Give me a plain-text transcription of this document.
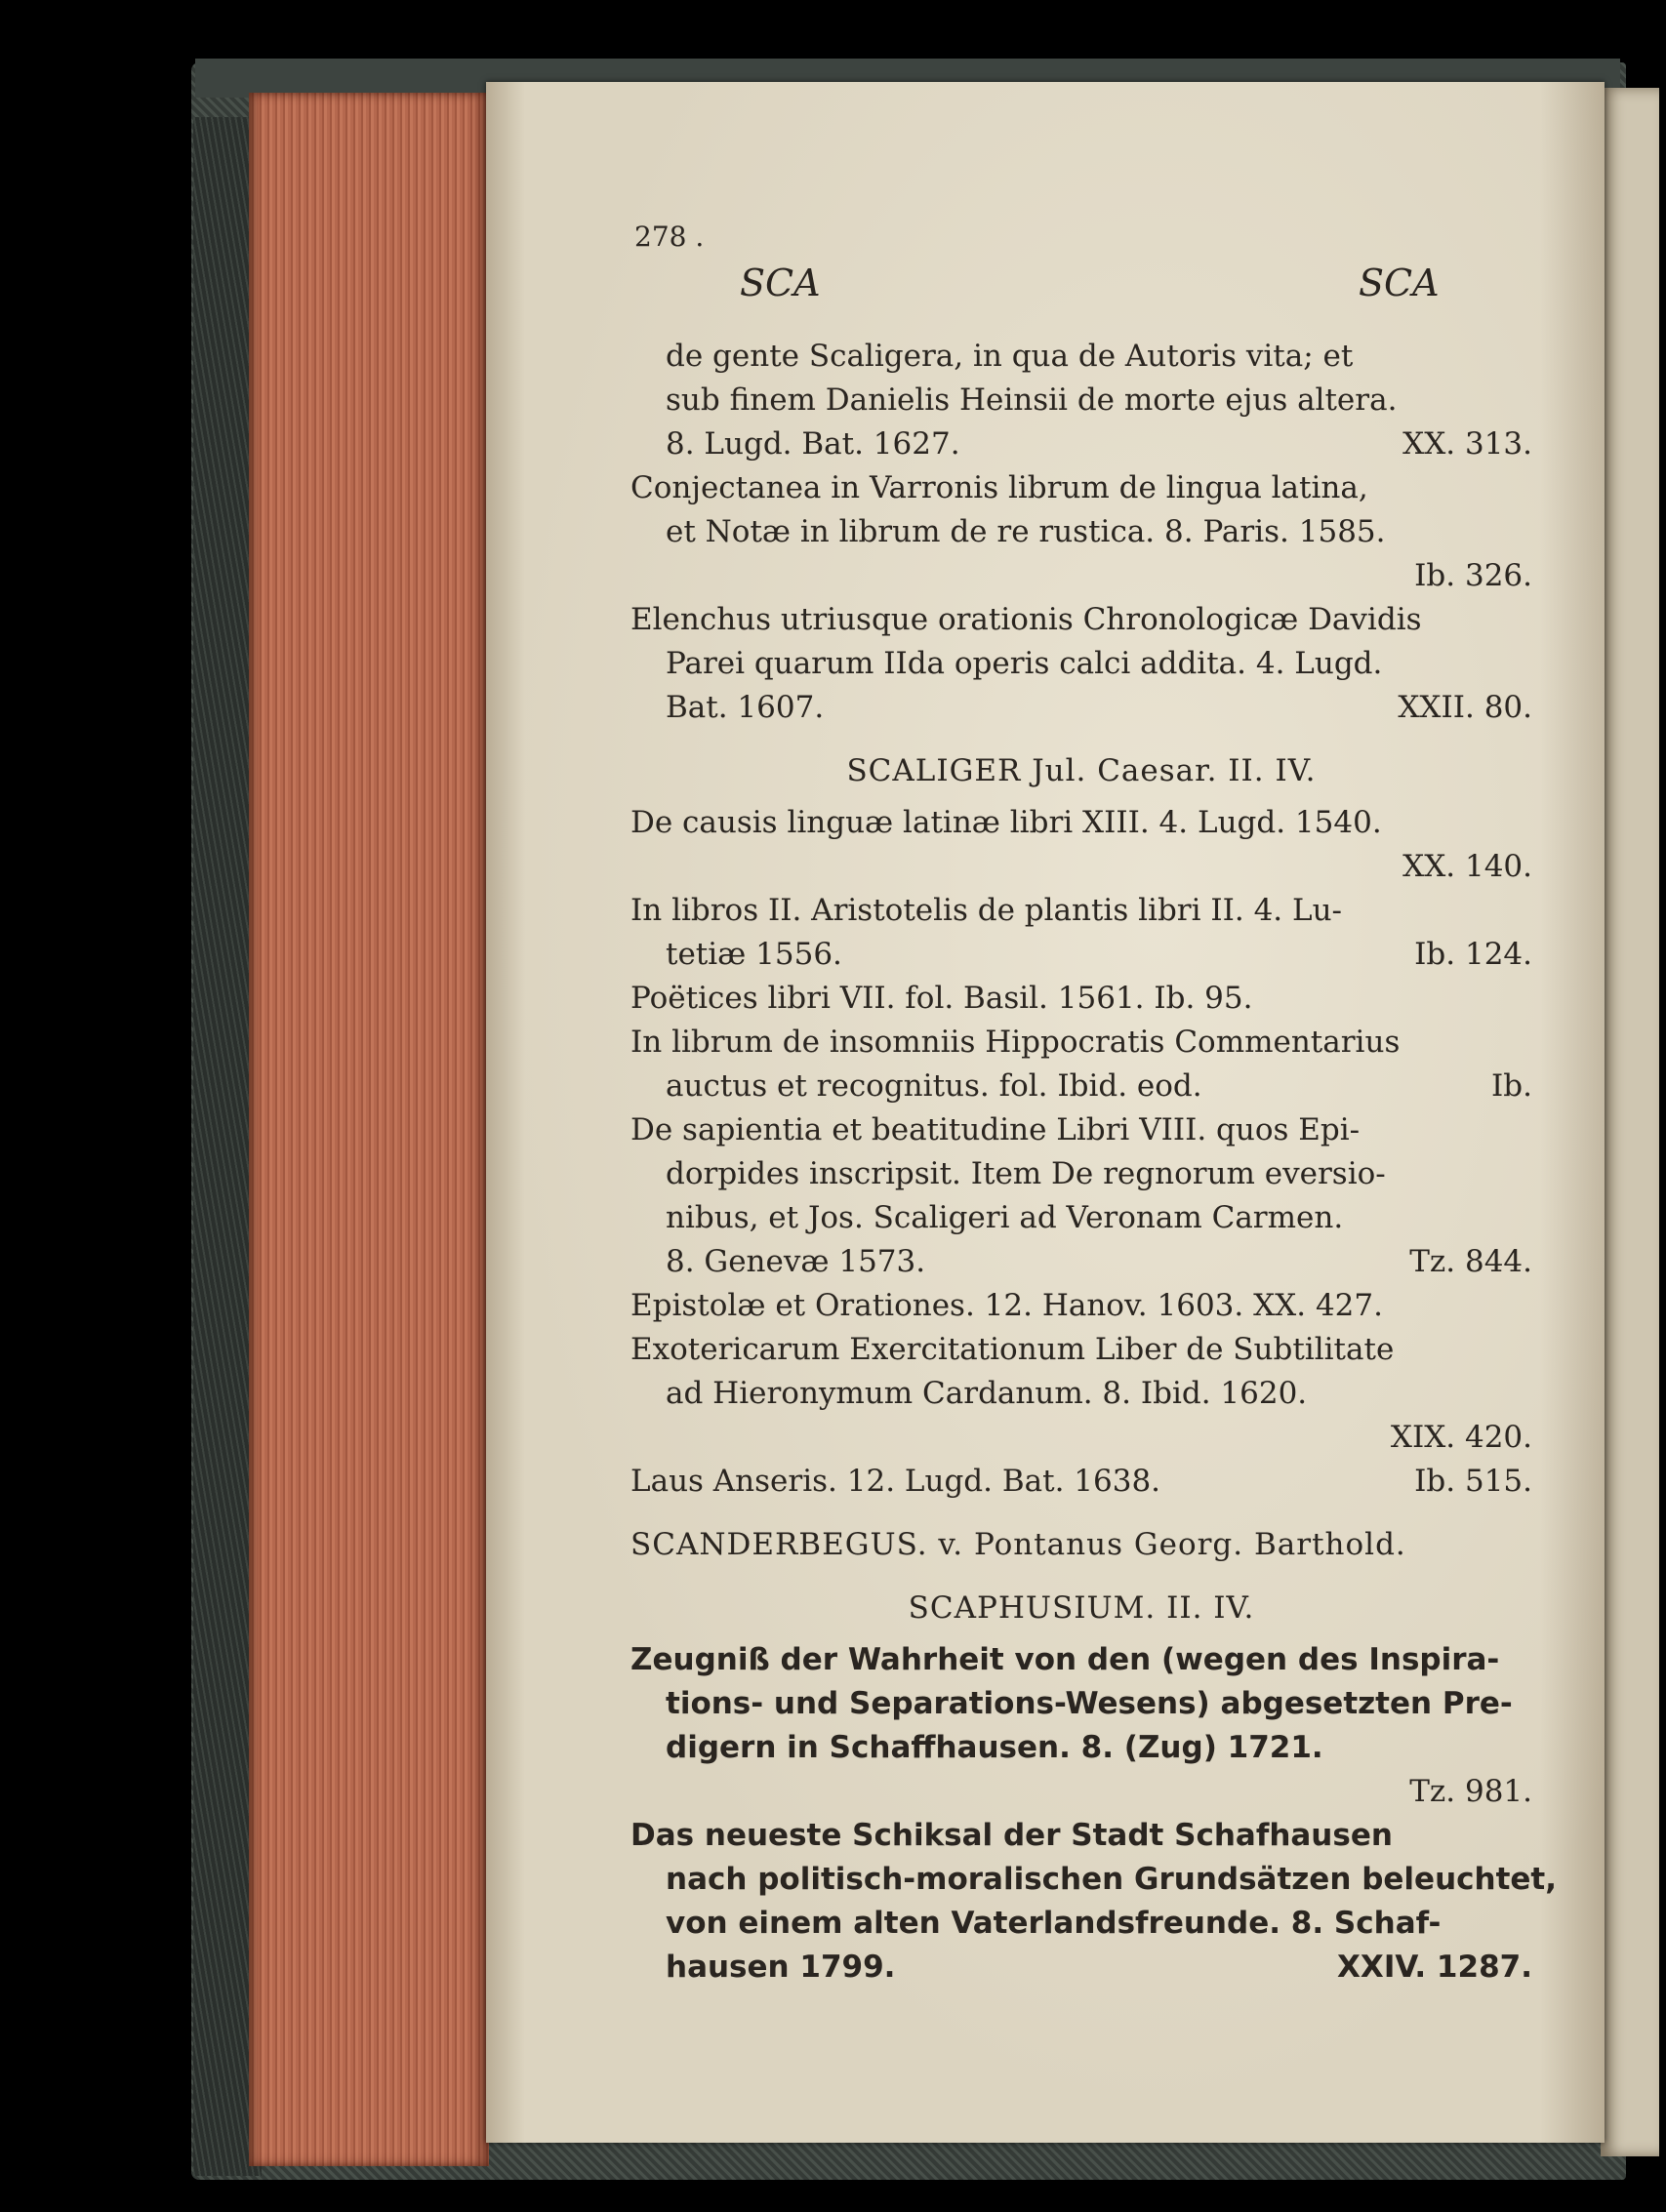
278 .
SCA	SCA
de gente Scaligera, in qua de Autoris vita; et
sub finem Danielis Heinsii de morte ejus altera.
8. Lugd. Bat. 1627.	XX. 313.
Conjectanea in Varronis librum de lingua latina,
et Notæ in librum de re rustica. 8. Paris. 1585.
Ib. 326.
Elenchus utriusque orationis Chronologicæ Davidis
Parei quarum IIda operis calci addita. 4. Lugd.
Bat. 1607.	XXII. 80.
SCALIGER Jul. Caesar. II. IV.
De causis linguæ latinæ libri XIII. 4. Lugd. 1540.
XX. 140.
In libros II. Aristotelis de plantis libri II. 4. Lu-
tetiæ 1556.	Ib. 124.
Poëtices libri VII. fol. Basil. 1561. Ib. 95.
In librum de insomniis Hippocratis Commentarius
auctus et recognitus. fol. Ibid. eod.	Ib.
De sapientia et beatitudine Libri VIII. quos Epi-
dorpides inscripsit. Item De regnorum eversio-
nibus, et Jos. Scaligeri ad Veronam Carmen.
8. Genevæ 1573.	Tz. 844.
Epistolæ et Orationes. 12. Hanov. 1603. XX. 427.
Exotericarum Exercitationum Liber de Subtilitate
ad Hieronymum Cardanum. 8. Ibid. 1620.
XIX. 420.
Laus Anseris. 12. Lugd. Bat. 1638.	Ib. 515.
SCANDERBEGUS. v. Pontanus Georg. Barthold.
SCAPHUSIUM. II. IV.
Zeugniß der Wahrheit von den (wegen des Inspira-
tions- und Separations-Wesens) abgesetzten Pre-
digern in Schaffhausen. 8. (Zug) 1721.
Tz. 981.
Das neueste Schiksal der Stadt Schafhausen
nach politisch-moralischen Grundsätzen beleuchtet,
von einem alten Vaterlandsfreunde. 8. Schaf-
hausen 1799.	XXIV. 1287.
